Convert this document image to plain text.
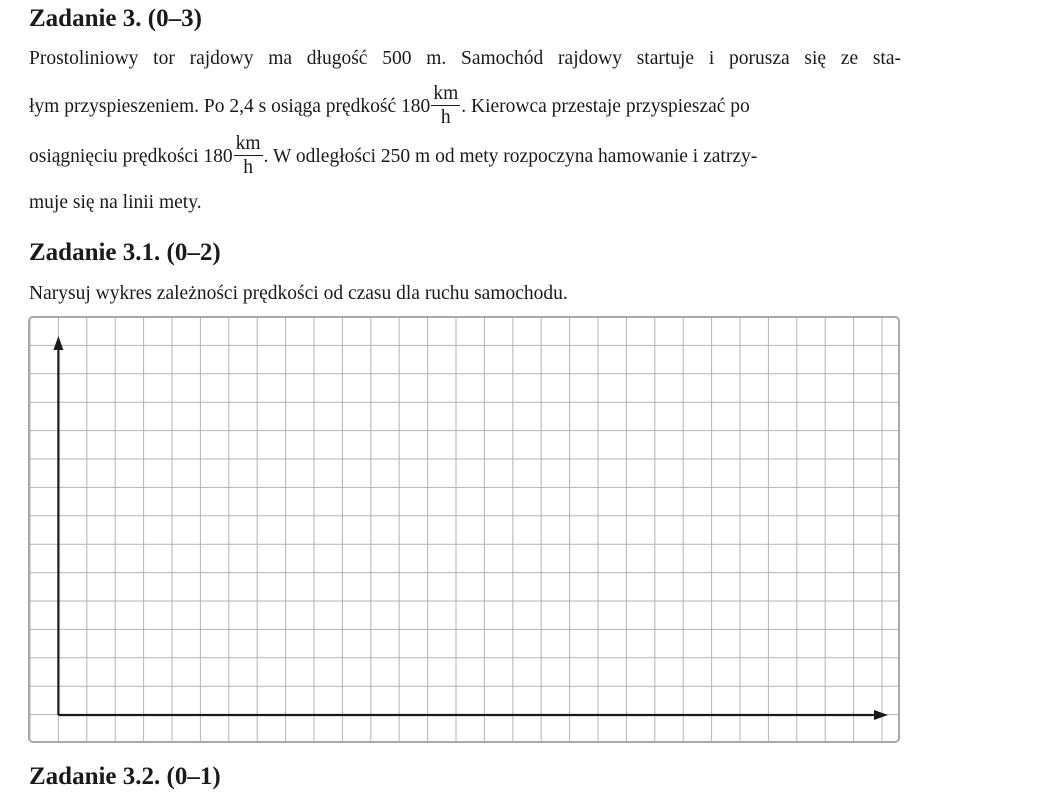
Zadanie 3. (0–3)

Prostoliniowy tor rajdowy ma długość 500 m. Samochód rajdowy startuje i porusza się ze sta-

łym przyspieszeniem. Po 2,4 s osiąga prędkość $180 \frac{km}{h}$ . Kierowca przestaje przyspieszać po

osiągnięciu prędkości $180 \frac{km}{h}$ . W odległości 250 m od mety rozpoczyna hamowanie i zatrzy-

muje się na linii mety.

Zadanie 3.1. (0–2)

Narysuj wykres zależności prędkości od czasu dla ruchu samochodu.

Zadanie 3.2. (0–1)
